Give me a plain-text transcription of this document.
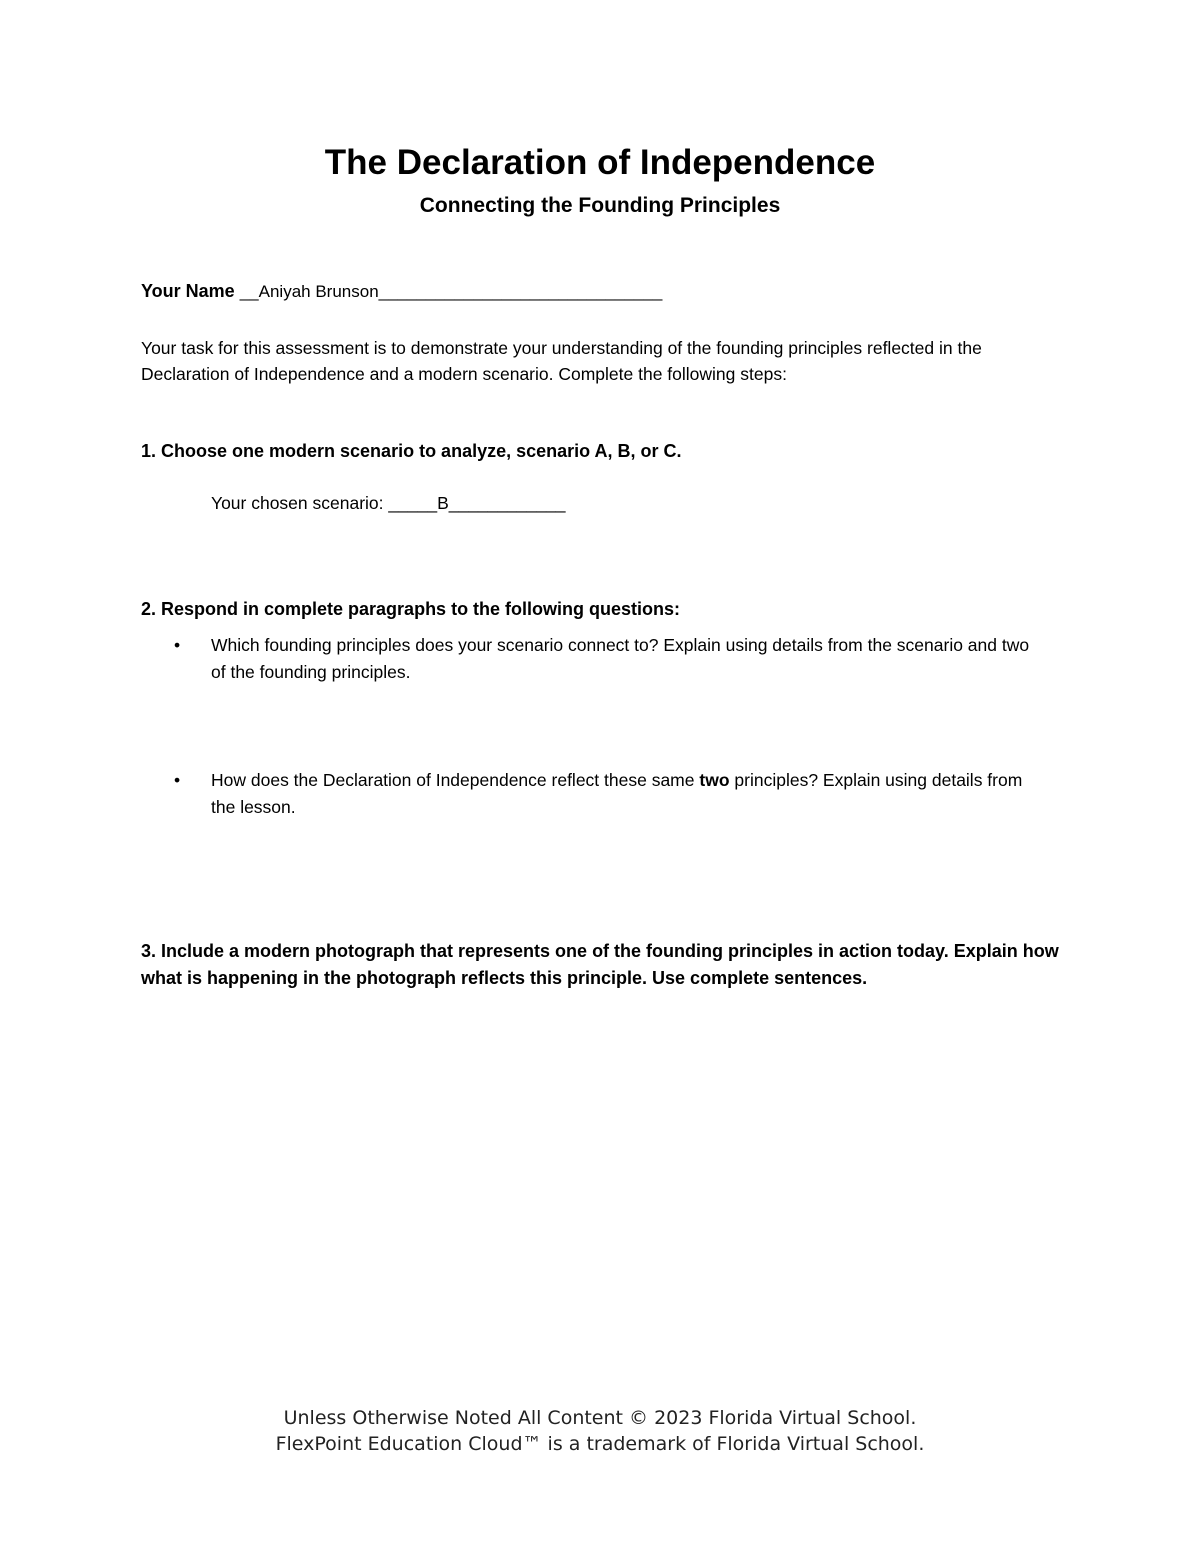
The Declaration of Independence
Connecting the Founding Principles
Your Name __Aniyah Brunson______________________________
Your task for this assessment is to demonstrate your understanding of the founding principles reflected in the Declaration of Independence and a modern scenario. Complete the following steps:
1. Choose one modern scenario to analyze, scenario A, B, or C.
Your chosen scenario: _____B____________
2. Respond in complete paragraphs to the following questions:
•	Which founding principles does your scenario connect to? Explain using details from the scenario and two of the founding principles.
•	How does the Declaration of Independence reflect these same two principles? Explain using details from the lesson.
3. Include a modern photograph that represents one of the founding principles in action today. Explain how what is happening in the photograph reflects this principle. Use complete sentences.
Unless Otherwise Noted All Content © 2023 Florida Virtual School.
FlexPoint Education Cloud™ is a trademark of Florida Virtual School.
